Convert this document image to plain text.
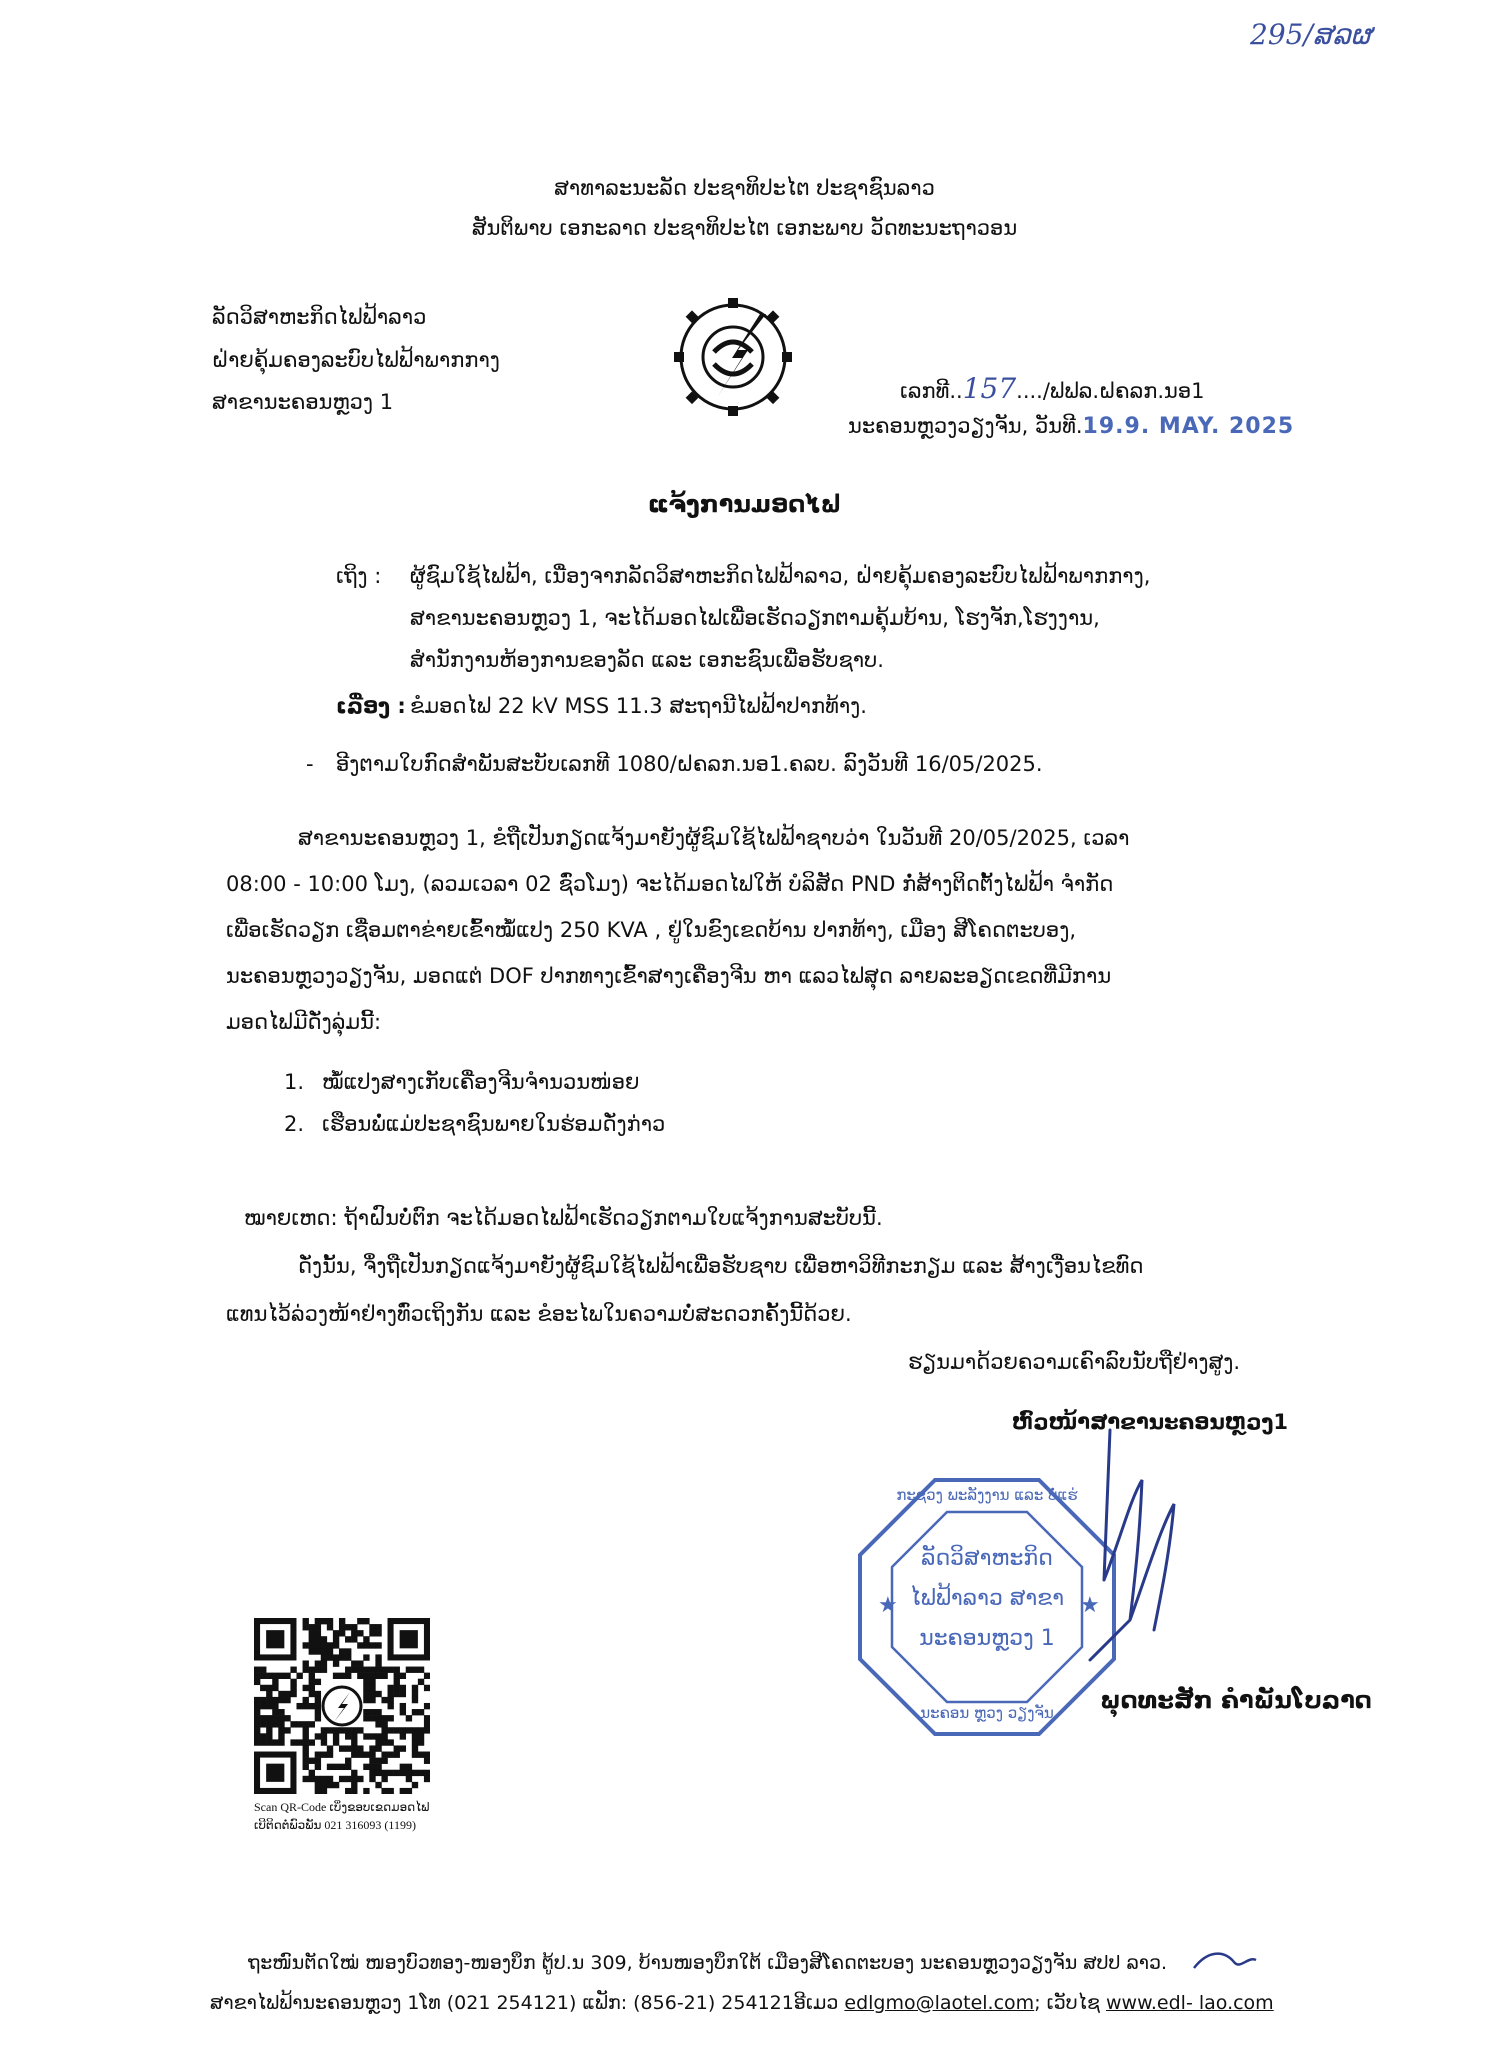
295/ສລຜ
ສາທາລະນະລັດ ປະຊາທິປະໄຕ ປະຊາຊົນລາວ
ສັນຕິພາບ ເອກະລາດ ປະຊາທິປະໄຕ ເອກະພາບ ວັດທະນະຖາວອນ
ລັດວິສາຫະກິດໄຟຟ້າລາວ
ຝ່າຍຄຸ້ມຄອງລະບົບໄຟຟ້າພາກກາງ
ສາຂານະຄອນຫຼວງ 1	ເລກທີ..157..../ຟຟລ.ຝຄລກ.ນອ1
ນະຄອນຫຼວງວຽງຈັນ, ວັນທີ.19.9. MAY. 2025
ແຈ້ງການມອດໄຟ
ເຖິງ : ຜູ້ຊົມໃຊ້ໄຟຟ້າ, ເນື່ອງຈາກລັດວິສາຫະກິດໄຟຟ້າລາວ, ຝ່າຍຄຸ້ມຄອງລະບົບໄຟຟ້າພາກກາງ,
ສາຂານະຄອນຫຼວງ 1, ຈະໄດ້ມອດໄຟເພື່ອເຮັດວຽກຕາມຄຸ້ມບ້ານ, ໂຮງຈັກ,ໂຮງງານ,
ສຳນັກງານຫ້ອງການຂອງລັດ ແລະ ເອກະຊົນເພື່ອຮັບຊາບ.
ເລື່ອງ : ຂໍມອດໄຟ 22 kV MSS 11.3 ສະຖານີໄຟຟ້າປາກທ້າງ.
- ອີງຕາມໃບກົດສຳພັນສະບັບເລກທີ 1080/ຝຄລກ.ນອ1.ຄລບ. ລົງວັນທີ 16/05/2025.
ສາຂານະຄອນຫຼວງ 1, ຂໍຖືເປັນກຽດແຈ້ງມາຍັງຜູ້ຊົມໃຊ້ໄຟຟ້າຊາບວ່າ ໃນວັນທີ 20/05/2025, ເວລາ
08:00 - 10:00 ໂມງ, (ລວມເວລາ 02 ຊົ່ວໂມງ) ຈະໄດ້ມອດໄຟໃຫ້ ບໍລິສັດ PND ກໍ່ສ້າງຕິດຕັ້ງໄຟຟ້າ ຈຳກັດ
ເພື່ອເຮັດວຽກ ເຊື່ອມຕາຂ່າຍເຂົ້າໝໍ້ແປງ 250 KVA , ຢູ່ໃນຂົງເຂດບ້ານ ປາກທ້າງ, ເມືອງ ສີໂຄດຕະບອງ,
ນະຄອນຫຼວງວຽງຈັນ, ມອດແຕ່ DOF ປາກທາງເຂົ້າສາງເຄື່ອງຈີນ ຫາ ແລວໄຟສຸດ ລາຍລະອຽດເຂດທີ່ມີການ
ມອດໄຟມີດັ່ງລຸ່ມນີ້:
1. ໝໍ້ແປງສາງເກັບເຄື່ອງຈີນຈຳນວນໜ່ອຍ
2. ເຮືອນພໍ່ແມ່ປະຊາຊົນພາຍໃນຮ່ອມດັ່ງກ່າວ
ໝາຍເຫດ: ຖ້າຝົນບໍ່ຕົກ ຈະໄດ້ມອດໄຟຟ້າເຮັດວຽກຕາມໃບແຈ້ງການສະບັບນີ້.
ດັ່ງນັ້ນ, ຈຶ່ງຖືເປັນກຽດແຈ້ງມາຍັງຜູ້ຊົມໃຊ້ໄຟຟ້າເພື່ອຮັບຊາບ ເພື່ອຫາວິທີກະກຽມ ແລະ ສ້າງເງື່ອນໄຂທົດ
ແທນໄວ້ລ່ວງໜ້າຢ່າງທົ່ວເຖິງກັນ ແລະ ຂໍອະໄພໃນຄວາມບໍ່ສະດວກຄັ້ງນີ້ດ້ວຍ.
ຮຽນມາດ້ວຍຄວາມເຄົາລົບນັບຖືຢ່າງສູງ.
ຫົວໜ້າສາຂານະຄອນຫຼວງ1
★	★
ກະຊວງ ພະລັງງານ ແລະ ບໍ່ແຮ່
ລັດວິສາຫະກິດ
ໄຟຟ້າລາວ ສາຂາ
ນະຄອນຫຼວງ 1
ນະຄອນ ຫຼວງ ວຽງຈັນ	ພຸດທະສັກ ຄຳພັນໂບລາດ
Scan QR-Code ເບິ່ງຂອບເຂດມອດໄຟ
ເບີຕິດຕໍ່ພົວພັນ 021 316093 (1199)
ຖະໜົນຕັດໃໝ່ ໜອງບົວທອງ-ໜອງບຶກ ຕູ້ປ.ນ 309, ບ້ານໜອງບຶກໃຕ້ ເມືອງສີໂຄດຕະບອງ ນະຄອນຫຼວງວຽງຈັນ ສປປ ລາວ.
ສາຂາໄຟຟ້ານະຄອນຫຼວງ 1ໂທ (021 254121) ແຟັກ: (856-21) 254121ອີເມວ edlgmo@laotel.com; ເວັບໄຊ www.edl- lao.com
